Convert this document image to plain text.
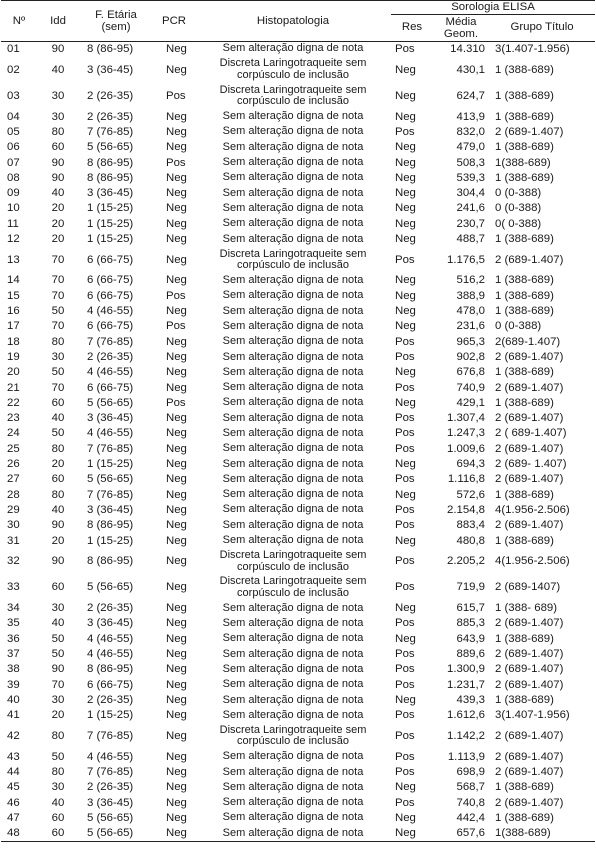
Nº	Idd	F. Etária (sem)	PCR	Histopatologia	Sorologia ELISA		
					Res	Média Geom.	Grupo Título
01	90	8 (86-95)	Neg	Sem alteração digna de nota	Pos	14.310	3(1.407-1.956)
02	40	3 (36-45)	Neg	Discreta Laringotraqueite sem corpúsculo de inclusão	Neg	430,1	1 (388-689)
03	30	2 (26-35)	Pos	Discreta Laringotraqueite sem corpúsculo de inclusão	Neg	624,7	1 (388-689)
04	30	2 (26-35)	Neg	Sem alteração digna de nota	Neg	413,9	1 (388-689)
05	80	7 (76-85)	Neg	Sem alteração digna de nota	Pos	832,0	2 (689-1.407)
06	60	5 (56-65)	Neg	Sem alteração digna de nota	Neg	479,0	1 (388-689)
07	90	8 (86-95)	Pos	Sem alteração digna de nota	Neg	508,3	1(388-689)
08	90	8 (86-95)	Neg	Sem alteração digna de nota	Neg	539,3	1 (388-689)
09	40	3 (36-45)	Neg	Sem alteração digna de nota	Neg	304,4	0 (0-388)
10	20	1 (15-25)	Neg	Sem alteração digna de nota	Neg	241,6	0 (0-388)
11	20	1 (15-25)	Neg	Sem alteração digna de nota	Neg	230,7	0( 0-388)
12	20	1 (15-25)	Neg	Sem alteração digna de nota	Neg	488,7	1 (388-689)
13	70	6 (66-75)	Neg	Discreta Laringotraqueite sem corpúsculo de inclusão	Pos	1.176,5	2 (689-1.407)
14	70	6 (66-75)	Neg	Sem alteração digna de nota	Neg	516,2	1 (388-689)
15	70	6 (66-75)	Pos	Sem alteração digna de nota	Neg	388,9	1 (388-689)
16	50	4 (46-55)	Neg	Sem alteração digna de nota	Neg	478,0	1 (388-689)
17	70	6 (66-75)	Pos	Sem alteração digna de nota	Neg	231,6	0 (0-388)
18	80	7 (76-85)	Neg	Sem alteração digna de nota	Pos	965,3	2(689-1.407)
19	30	2 (26-35)	Neg	Sem alteração digna de nota	Pos	902,8	2 (689-1.407)
20	50	4 (46-55)	Neg	Sem alteração digna de nota	Neg	676,8	1 (388-689)
21	70	6 (66-75)	Neg	Sem alteração digna de nota	Pos	740,9	2 (689-1.407)
22	60	5 (56-65)	Pos	Sem alteração digna de nota	Neg	429,1	1 (388-689)
23	40	3 (36-45)	Neg	Sem alteração digna de nota	Pos	1.307,4	2 (689-1.407)
24	50	4 (46-55)	Neg	Sem alteração digna de nota	Pos	1.247,3	2 ( 689-1.407)
25	80	7 (76-85)	Neg	Sem alteração digna de nota	Pos	1.009,6	2 (689-1.407)
26	20	1 (15-25)	Neg	Sem alteração digna de nota	Neg	694,3	2 (689- 1.407)
27	60	5 (56-65)	Neg	Sem alteração digna de nota	Pos	1.116,8	2 (689-1.407)
28	80	7 (76-85)	Neg	Sem alteração digna de nota	Neg	572,6	1 (388-689)
29	40	3 (36-45)	Neg	Sem alteração digna de nota	Pos	2.154,8	4(1.956-2.506)
30	90	8 (86-95)	Neg	Sem alteração digna de nota	Pos	883,4	2 (689-1.407)
31	20	1 (15-25)	Neg	Sem alteração digna de nota	Neg	480,8	1 (388-689)
32	90	8 (86-95)	Neg	Discreta Laringotraqueite sem corpúsculo de inclusão	Pos	2.205,2	4(1.956-2.506)
33	60	5 (56-65)	Neg	Discreta Laringotraqueite sem corpúsculo de inclusão	Pos	719,9	2 (689-1407)
34	30	2 (26-35)	Neg	Sem alteração digna de nota	Neg	615,7	1 (388- 689)
35	40	3 (36-45)	Neg	Sem alteração digna de nota	Pos	885,3	2 (689-1.407)
36	50	4 (46-55)	Neg	Sem alteração digna de nota	Neg	643,9	1 (388-689)
37	50	4 (46-55)	Neg	Sem alteração digna de nota	Pos	889,6	2 (689-1.407)
38	90	8 (86-95)	Neg	Sem alteração digna de nota	Pos	1.300,9	2 (689-1.407)
39	70	6 (66-75)	Neg	Sem alteração digna de nota	Pos	1.231,7	2 (689-1.407)
40	30	2 (26-35)	Neg	Sem alteração digna de nota	Neg	439,3	1 (388-689)
41	20	1 (15-25)	Neg	Sem alteração digna de nota	Pos	1.612,6	3(1.407-1.956)
42	80	7 (76-85)	Neg	Discreta Laringotraqueite sem corpúsculo de inclusão	Pos	1.142,2	2 (689-1.407)
43	50	4 (46-55)	Neg	Sem alteração digna de nota	Pos	1.113,9	2 (689-1.407)
44	80	7 (76-85)	Neg	Sem alteração digna de nota	Pos	698,9	2 (689-1.407)
45	30	2 (26-35)	Neg	Sem alteração digna de nota	Neg	568,7	1 (388-689)
46	40	3 (36-45)	Neg	Sem alteração digna de nota	Pos	740,8	2 (689-1.407)
47	60	5 (56-65)	Neg	Sem alteração digna de nota	Neg	442,4	1 (388-689)
48	60	5 (56-65)	Neg	Sem alteração digna de nota	Neg	657,6	1(388-689)
